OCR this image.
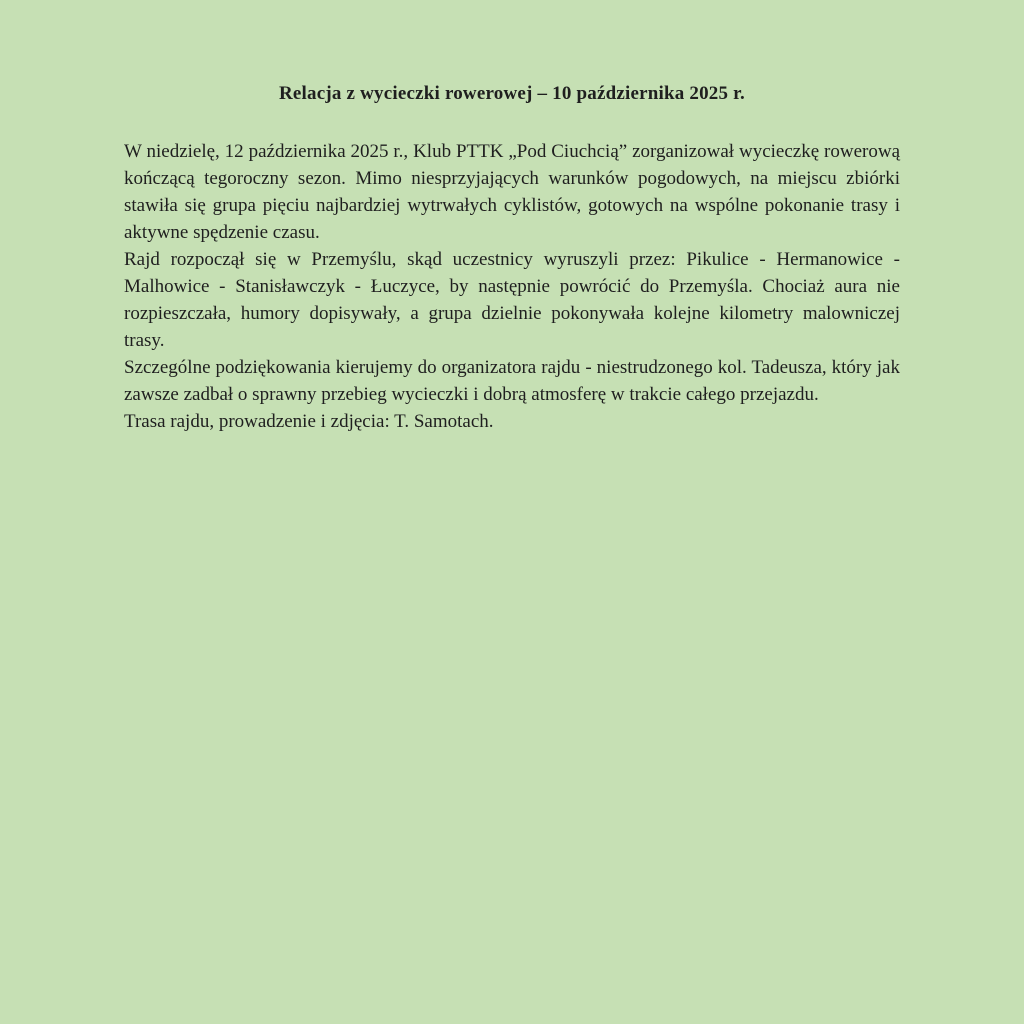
Relacja z wycieczki rowerowej – 10 października 2025 r.

W niedzielę, 12 października 2025 r., Klub PTTK „Pod Ciuchcią” zorganizował wycieczkę rowerową kończącą tegoroczny sezon. Mimo niesprzyjających warunków pogodowych, na miejscu zbiórki stawiła się grupa pięciu najbardziej wytrwałych cyklistów, gotowych na wspólne pokonanie trasy i aktywne spędzenie czasu.

Rajd rozpoczął się w Przemyślu, skąd uczestnicy wyruszyli przez: Pikulice - Hermanowice - Malhowice - Stanisławczyk - Łuczyce, by następnie powrócić do Przemyśla. Chociaż aura nie rozpieszczała, humory dopisywały, a grupa dzielnie pokonywała kolejne kilometry malowniczej trasy.

Szczególne podziękowania kierujemy do organizatora rajdu - niestrudzonego kol. Tadeusza, który jak zawsze zadbał o sprawny przebieg wycieczki i dobrą atmosferę w trakcie całego przejazdu.

Trasa rajdu, prowadzenie i zdjęcia: T. Samotach.
